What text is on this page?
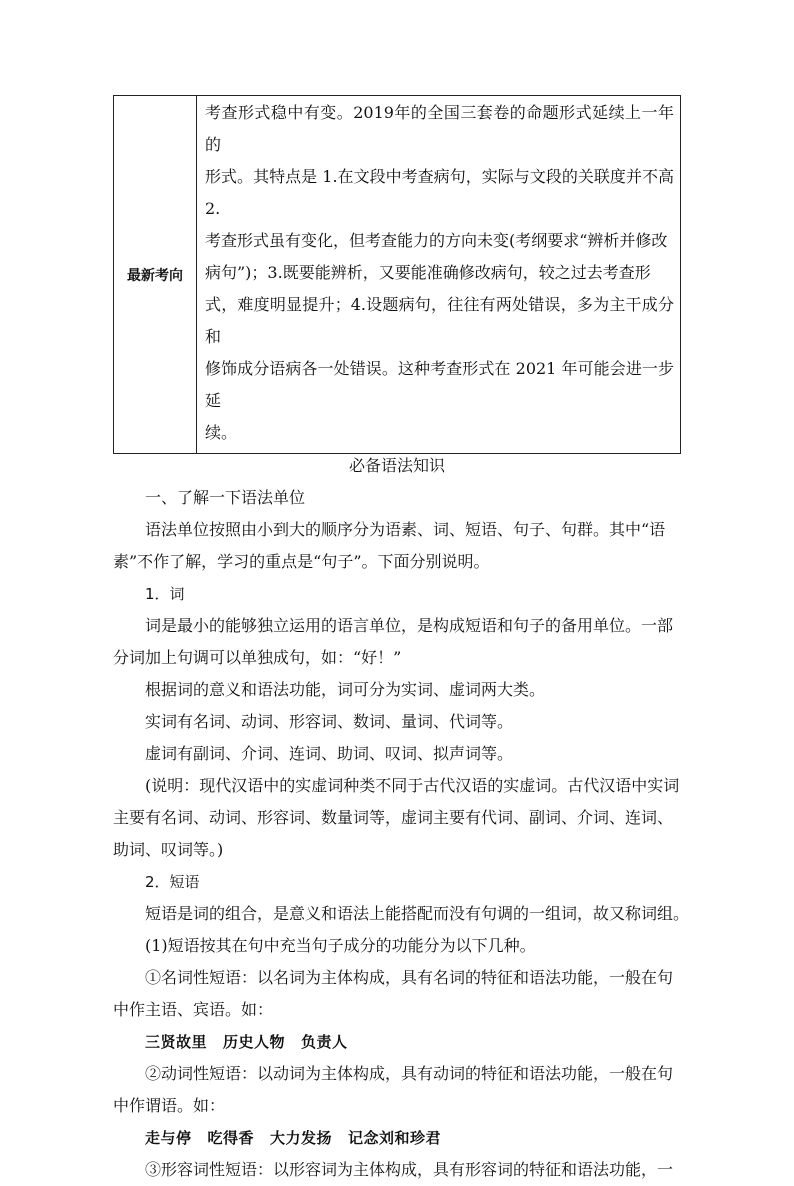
最新考向	
考查形式稳中有变。2019年的全国三套卷的命题形式延续上一年的
形式。其特点是 1.在文段中考查病句，实际与文段的关联度并不高2.
考查形式虽有变化，但考查能力的方向未变(考纲要求“辨析并修改
病句”)；3.既要能辨析，又要能准确修改病句，较之过去考查形
式，难度明显提升；4.设题病句，往往有两处错误，多为主干成分和
修饰成分语病各一处错误。这种考查形式在 2021 年可能会进一步延
续。
必备语法知识

一、了解一下语法单位

语法单位按照由小到大的顺序分为语素、词、短语、句子、句群。其中“语

素”不作了解，学习的重点是“句子”。下面分别说明。

1．词

词是最小的能够独立运用的语言单位，是构成短语和句子的备用单位。一部

分词加上句调可以单独成句，如：“好！”

根据词的意义和语法功能，词可分为实词、虚词两大类。

实词有名词、动词、形容词、数词、量词、代词等。

虚词有副词、介词、连词、助词、叹词、拟声词等。

(说明：现代汉语中的实虚词种类不同于古代汉语的实虚词。古代汉语中实词

主要有名词、动词、形容词、数量词等，虚词主要有代词、副词、介词、连词、

助词、叹词等。)

2．短语

短语是词的组合，是意义和语法上能搭配而没有句调的一组词，故又称词组。

(1)短语按其在句中充当句子成分的功能分为以下几种。

①名词性短语：以名词为主体构成，具有名词的特征和语法功能，一般在句

中作主语、宾语。如：

三贤故里 历史人物 负责人

②动词性短语：以动词为主体构成，具有动词的特征和语法功能，一般在句

中作谓语。如：

走与停 吃得香 大力发扬 记念刘和珍君

③形容词性短语：以形容词为主体构成，具有形容词的特征和语法功能，一
